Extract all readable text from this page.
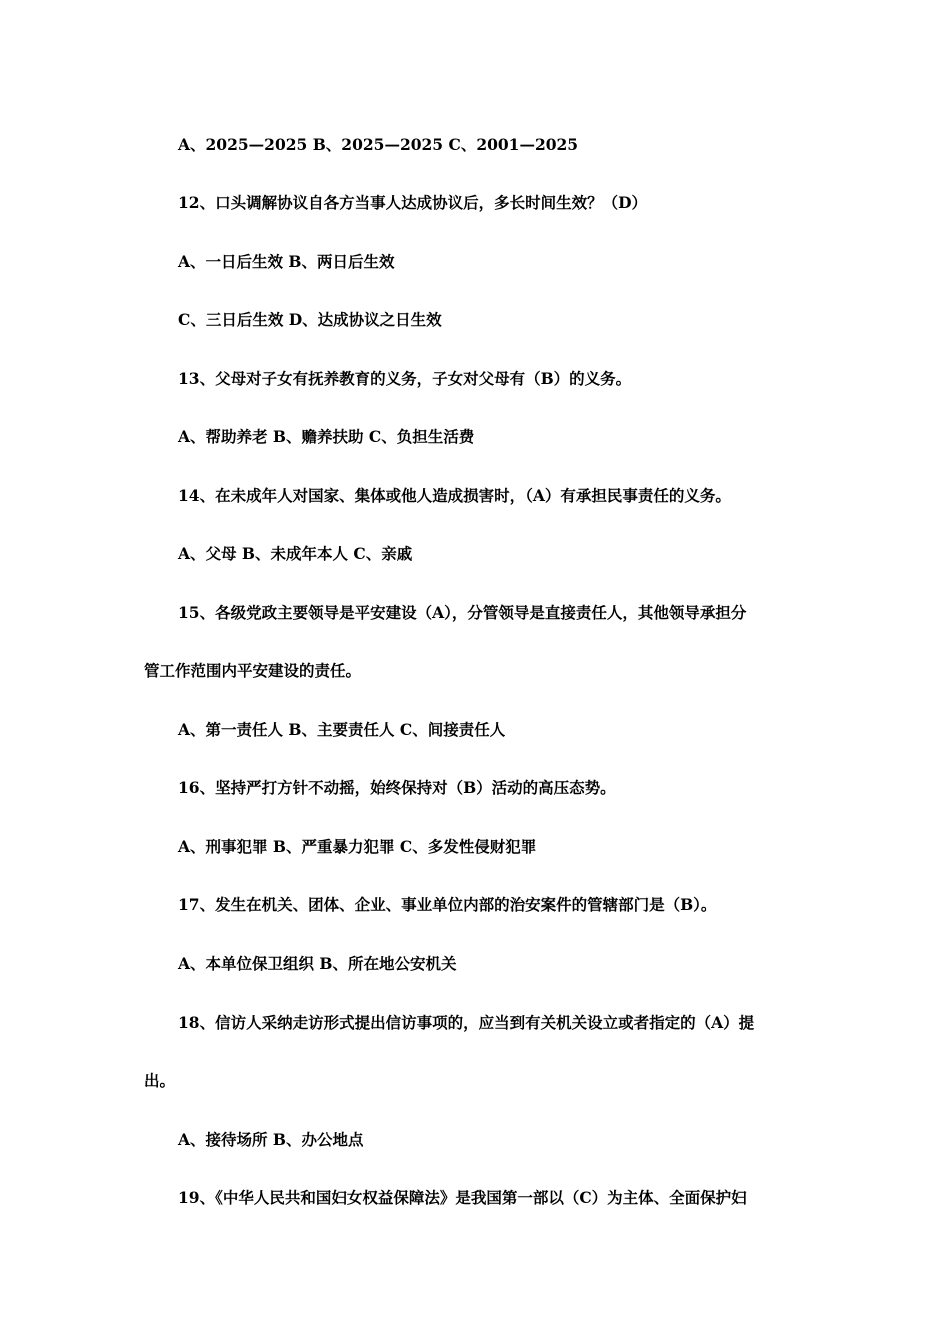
A、2025—2025 B、2025—2025 C、2001—2025
12、口头调解协议自各方当事人达成协议后，多长时间生效？（D）
A、一日后生效 B、两日后生效
C、三日后生效 D、达成协议之日生效
13、父母对子女有抚养教育的义务，子女对父母有（B）的义务。
A、帮助养老 B、赡养扶助 C、负担生活费
14、在未成年人对国家、集体或他人造成损害时，（A）有承担民事责任的义务。
A、父母 B、未成年本人 C、亲戚
15、各级党政主要领导是平安建设（A），分管领导是直接责任人，其他领导承担分
管工作范围内平安建设的责任。
A、第一责任人 B、主要责任人 C、间接责任人
16、坚持严打方针不动摇，始终保持对（B）活动的高压态势。
A、刑事犯罪 B、严重暴力犯罪 C、多发性侵财犯罪
17、发生在机关、团体、企业、事业单位内部的治安案件的管辖部门是（B）。
A、本单位保卫组织 B、所在地公安机关
18、信访人采纳走访形式提出信访事项的，应当到有关机关设立或者指定的（A）提
出。
A、接待场所 B、办公地点
19、《中华人民共和国妇女权益保障法》是我国第一部以（C）为主体、全面保护妇
